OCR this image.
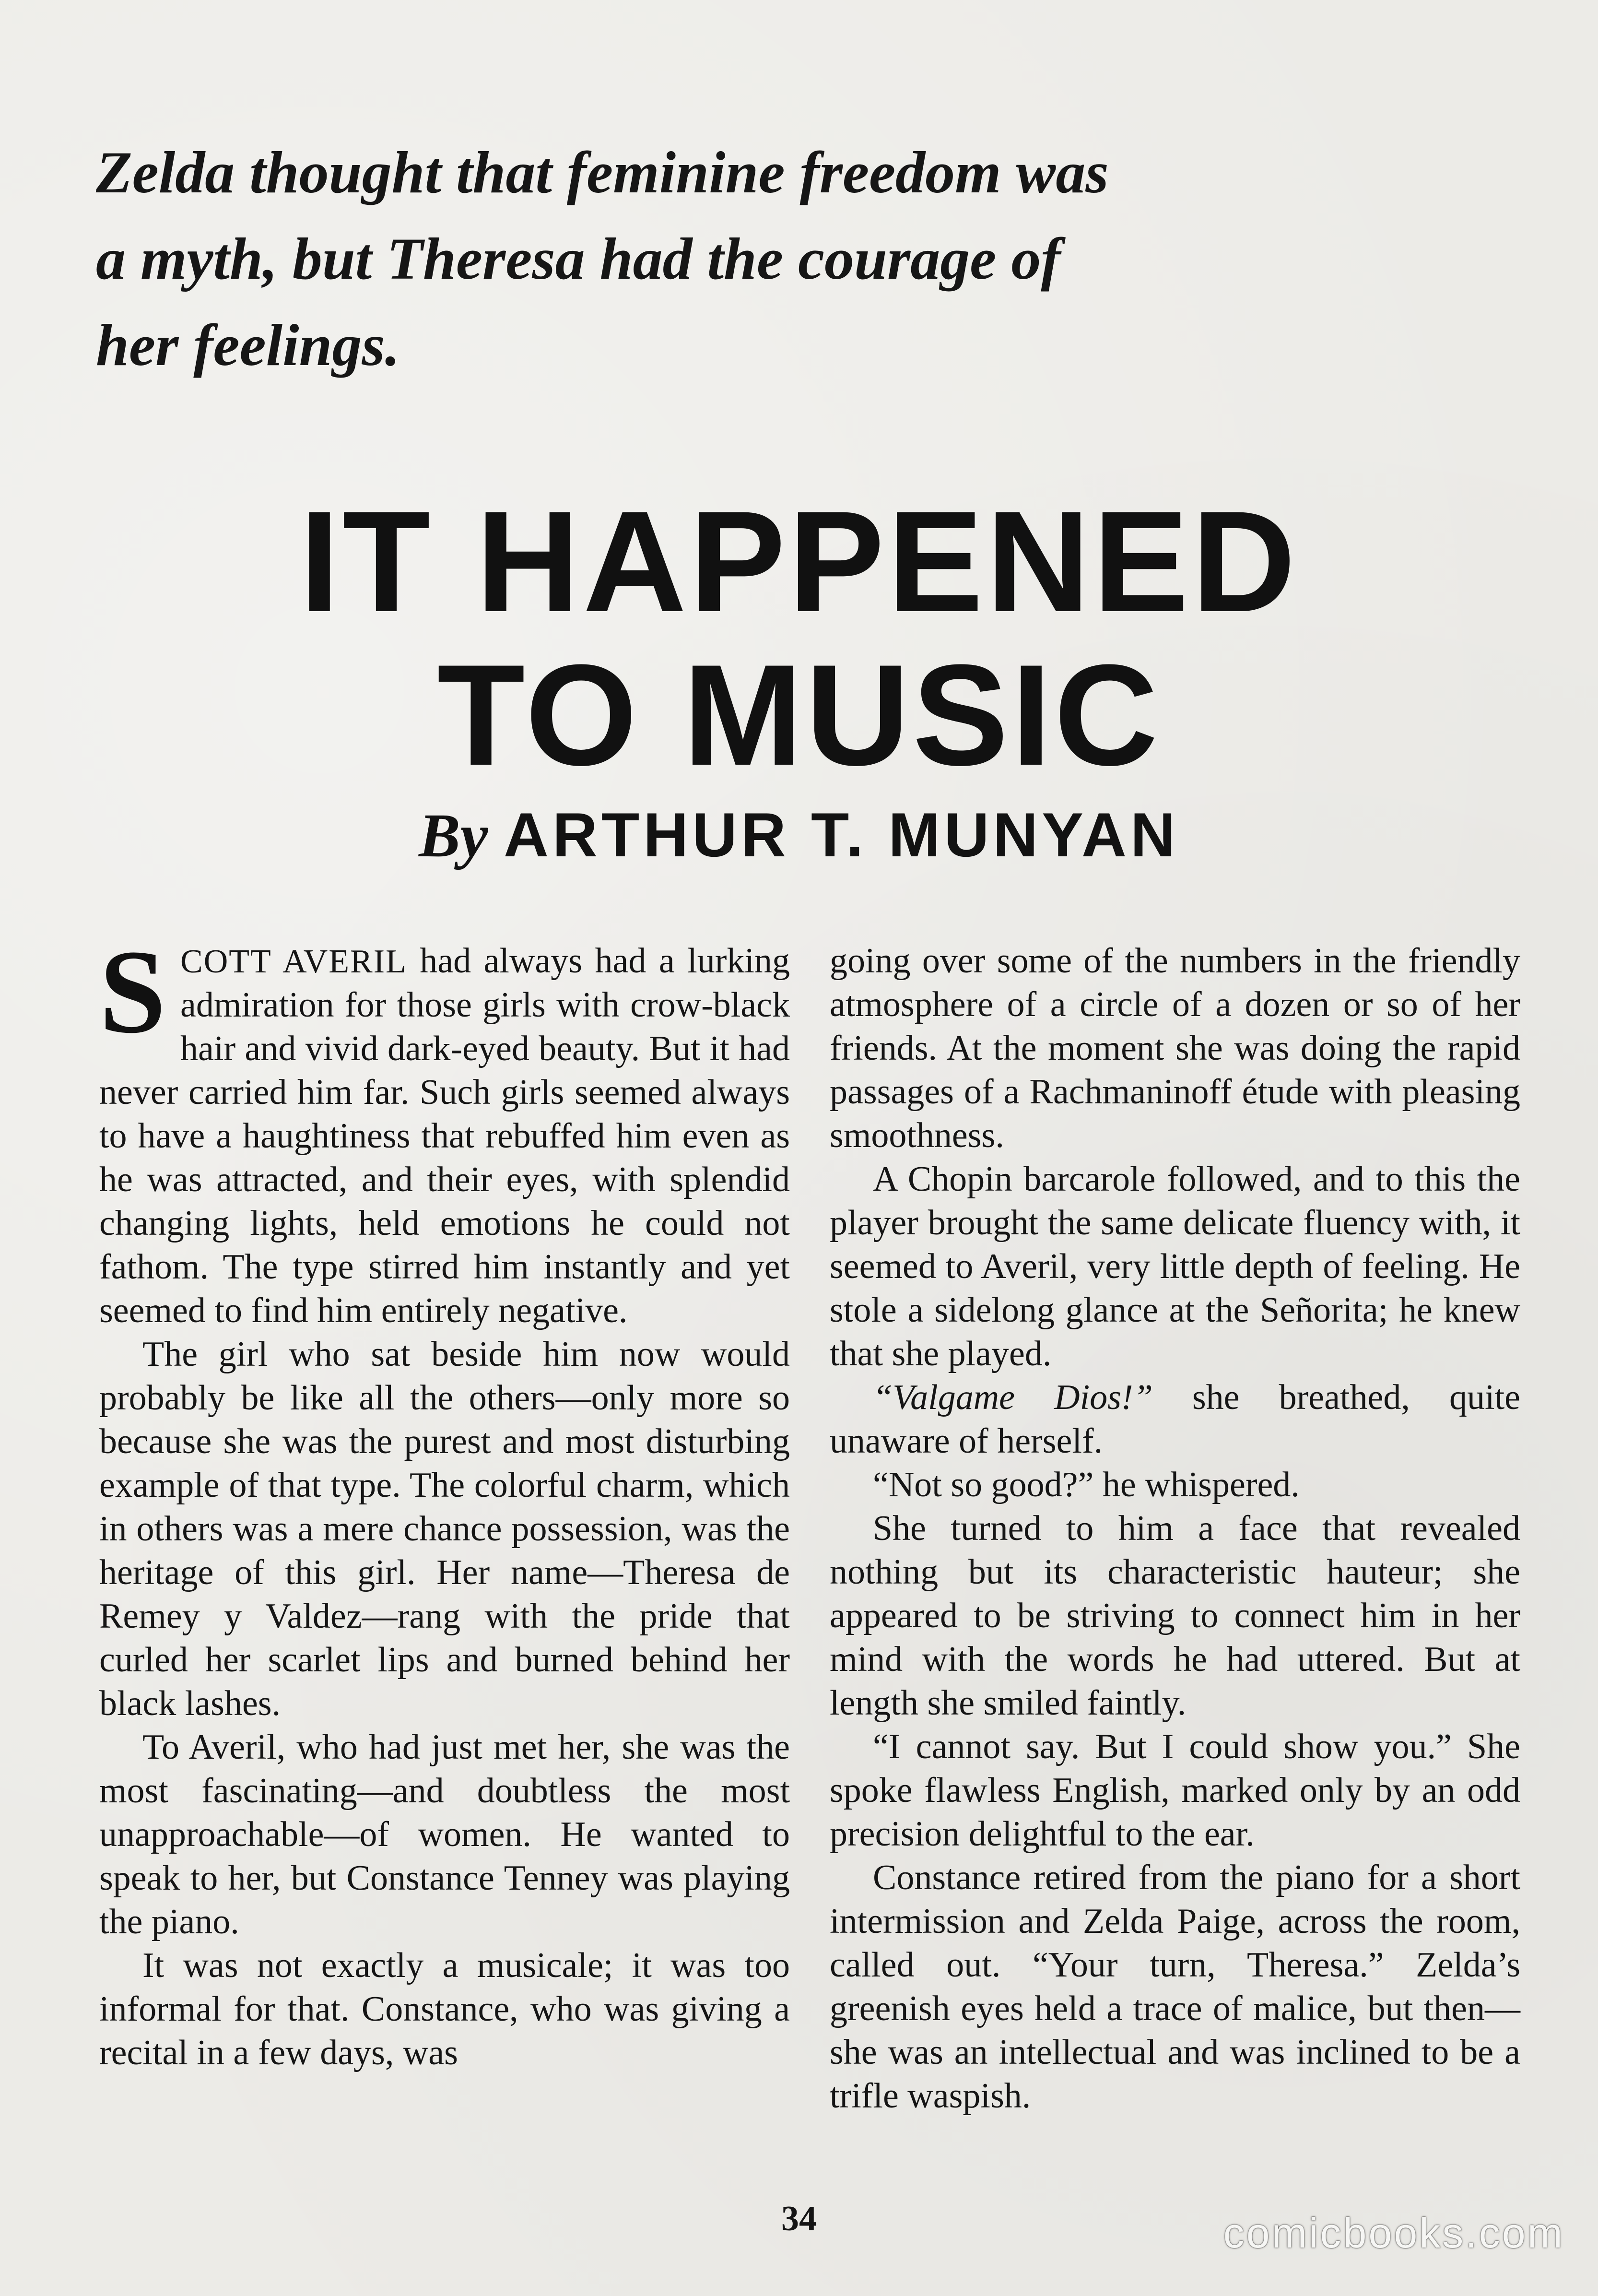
Zelda thought that feminine freedom was a myth, but Theresa had the courage of her feelings.

IT HAPPENED
TO MUSIC
By ARTHUR T. MUNYAN

SCOTT AVERIL had always had a lurking admiration for those girls with crow-black hair and vivid dark-eyed beauty. But it had never carried him far. Such girls seemed always to have a haughtiness that rebuffed him even as he was attracted, and their eyes, with splendid changing lights, held emotions he could not fathom. The type stirred him instantly and yet seemed to find him entirely negative.

The girl who sat beside him now would probably be like all the others—only more so because she was the purest and most disturbing example of that type. The colorful charm, which in others was a mere chance possession, was the heritage of this girl. Her name—Theresa de Remey y Valdez—rang with the pride that curled her scarlet lips and burned behind her black lashes.

To Averil, who had just met her, she was the most fascinating—and doubtless the most unapproachable—of women. He wanted to speak to her, but Constance Tenney was playing the piano.

It was not exactly a musicale; it was too informal for that. Constance, who was giving a recital in a few days, was

going over some of the numbers in the friendly atmosphere of a circle of a dozen or so of her friends. At the moment she was doing the rapid passages of a Rachmaninoff étude with pleasing smoothness.

A Chopin barcarole followed, and to this the player brought the same delicate fluency with, it seemed to Averil, very little depth of feeling. He stole a sidelong glance at the Señorita; he knew that she played.

“Valgame Dios!” she breathed, quite unaware of herself.

“Not so good?” he whispered.

She turned to him a face that revealed nothing but its characteristic hauteur; she appeared to be striving to connect him in her mind with the words he had uttered. But at length she smiled faintly.

“I cannot say. But I could show you.” She spoke flawless English, marked only by an odd precision delightful to the ear.

Constance retired from the piano for a short intermission and Zelda Paige, across the room, called out. “Your turn, Theresa.” Zelda’s greenish eyes held a trace of malice, but then—she was an intellectual and was inclined to be a trifle waspish.

34	comicbooks.com
